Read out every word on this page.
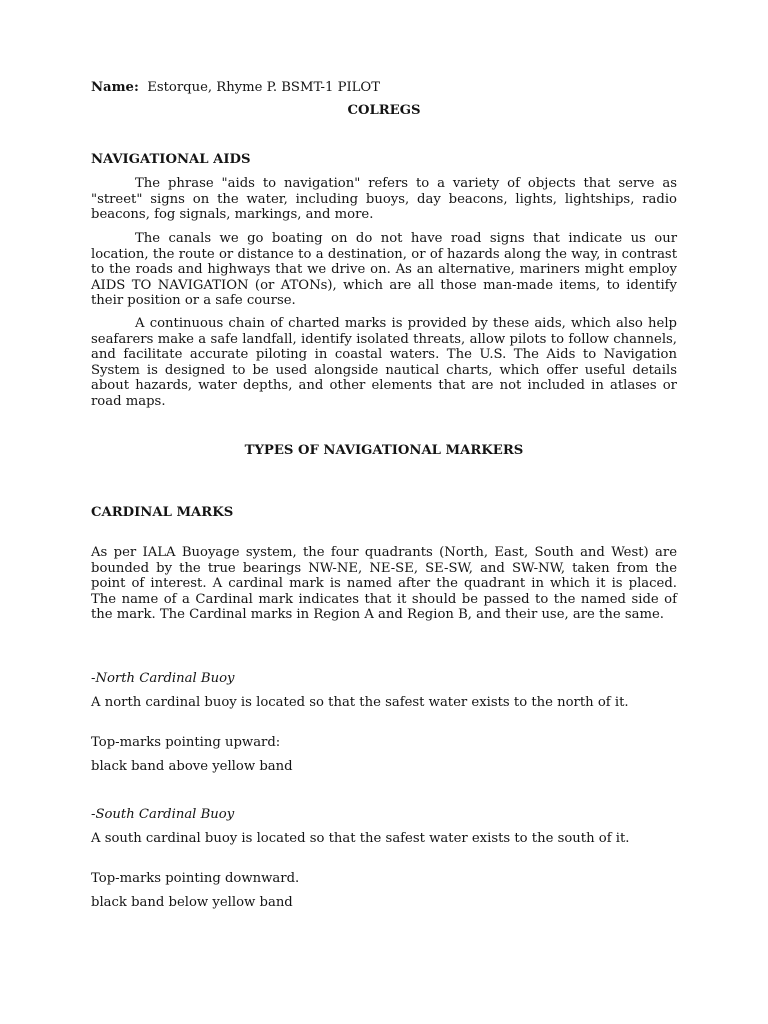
Name: Estorque, Rhyme P. BSMT-1 PILOT

COLREGS

NAVIGATIONAL AIDS

The phrase "aids to navigation" refers to a variety of objects that serve as "street" signs on the water, including buoys, day beacons, lights, lightships, radio beacons, fog signals, markings, and more.

The canals we go boating on do not have road signs that indicate us our location, the route or distance to a destination, or of hazards along the way, in contrast to the roads and highways that we drive on. As an alternative, mariners might employ AIDS TO NAVIGATION (or ATONs), which are all those man-made items, to identify their position or a safe course.

A continuous chain of charted marks is provided by these aids, which also help seafarers make a safe landfall, identify isolated threats, allow pilots to follow channels, and facilitate accurate piloting in coastal waters. The U.S. The Aids to Navigation System is designed to be used alongside nautical charts, which offer useful details about hazards, water depths, and other elements that are not included in atlases or road maps.

TYPES OF NAVIGATIONAL MARKERS

CARDINAL MARKS

As per IALA Buoyage system, the four quadrants (North, East, South and West) are bounded by the true bearings NW-NE, NE-SE, SE-SW, and SW-NW, taken from the point of interest. A cardinal mark is named after the quadrant in which it is placed. The name of a Cardinal mark indicates that it should be passed to the named side of the mark. The Cardinal marks in Region A and Region B, and their use, are the same.

-North Cardinal Buoy

A north cardinal buoy is located so that the safest water exists to the north of it.

Top-marks pointing upward:

black band above yellow band

-South Cardinal Buoy

A south cardinal buoy is located so that the safest water exists to the south of it.

Top-marks pointing downward.

black band below yellow band
